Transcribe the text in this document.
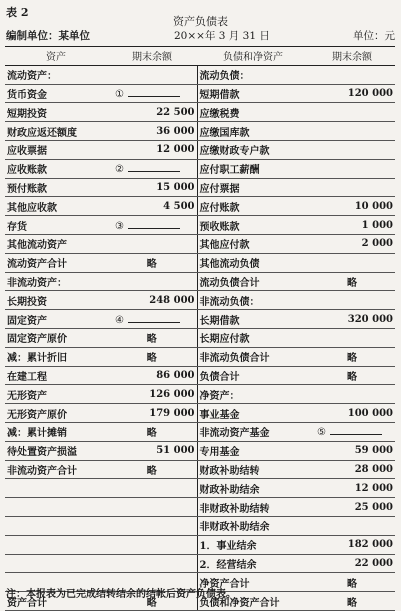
表 2
资产负债表
编制单位：某单位	20××年 3 月 31 日	单位：元
资产	期末余额	负债和净资产	期末余额
流动资产：		流动负债：	
货币资金	①	短期借款	120 000
短期投资	22 500	应缴税费	
财政应返还额度	36 000	应缴国库款	
应收票据	12 000	应缴财政专户款	
应收账款	②	应付职工薪酬	
预付账款	15 000	应付票据	
其他应收款	4 500	应付账款	10 000
存货	③	预收账款	1 000
其他流动资产		其他应付款	2 000
流动资产合计	略	其他流动负债	
非流动资产：		流动负债合计	略
长期投资	248 000	非流动负债：	
固定资产	④	长期借款	320 000
固定资产原价	略	长期应付款	
减：累计折旧	略	非流动负债合计	略
在建工程	86 000	负债合计	略
无形资产	126 000	净资产：	
无形资产原价	179 000	事业基金	100 000
减：累计摊销	略	非流动资产基金	⑤
待处置资产损溢	51 000	专用基金	59 000
非流动资产合计	略	财政补助结转	28 000
		财政补助结余	12 000
		非财政补助结转	25 000
		非财政补助结余	
		1．事业结余	182 000
		2．经营结余	22 000
		净资产合计	略
资产合计	略	负债和净资产合计	略
注：本报表为已完成结转结余的结帐后资产负债表。
